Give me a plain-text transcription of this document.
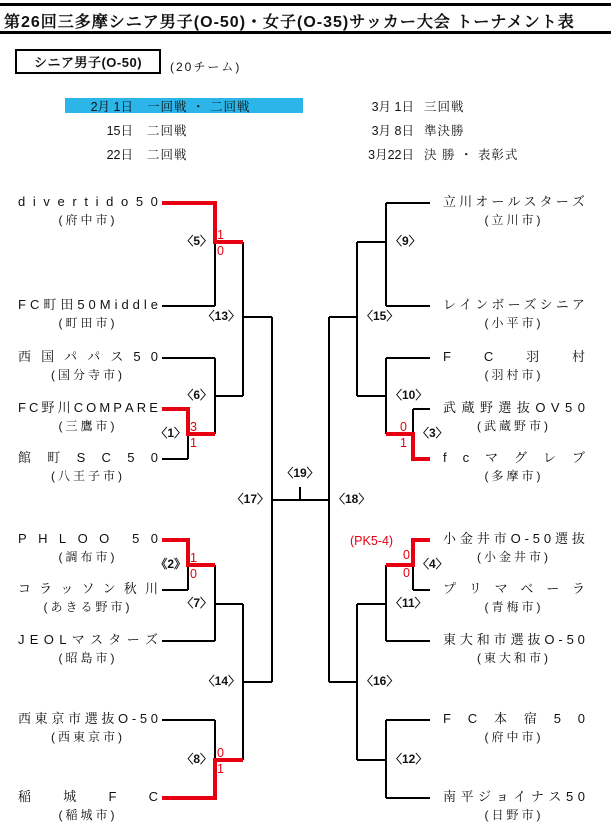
第26回三多摩シニア男子(O-50)・女子(O-35)サッカー大会 トーナメント表
シニア男子(O-50) (20チーム)
2月 1日 一回戦 ・ 二回戦
15日 二回戦
22日 二回戦
3月 1日 三回戦
3月 8日 準決勝
3月22日 決 勝 ・ 表彰式
d i v e r t i d o 5 0
(府中市)
F C 町 田 5 0 M i d d l e
(町田市)
西 国 パ パ ス 5 0
(国分寺市)
F C 野 川 C O M P A R E
(三鷹市)
館 町 S C 5 0
(八王子市)
P H L O O 5 0
(調布市)
コ ラ ッ ソ ン 秋 川
(あきる野市)
J E O L マ ス タ ー ズ
(昭島市)
西 東 京 市 選 抜 O - 5 0
(西東京市)
稲 城 F C
(稲城市)
立 川 オ ー ル ス タ ー ズ
(立川市)
レ イ ン ボ ー ズ シ ニ ア
(小平市)
F	C	羽	村
(羽村市)
武 蔵 野 選 抜 O V 5 0
(武蔵野市)
f c マ グ レ ブ
(多摩市)
小 金 井 市 O - 5 0 選 抜
(小金井市)
プ リ マ ベ ー ラ
(青梅市)
東 大 和 市 選 抜 O - 5 0
(東大和市)
F C 本 宿 5 0
(府中市)
南 平 ジ ョ イ ナ ス 5 0
(日野市)
〈1〉
《2》
〈5〉
〈6〉
〈7〉
〈8〉
〈13〉
〈14〉
〈17〉
〈19〉
〈18〉
〈15〉
〈16〉
〈9〉
〈10〉
〈11〉
〈12〉
〈3〉
〈4〉
1
0
3
1
1
0
0
1
0
1
0
0
(PK5-4)
